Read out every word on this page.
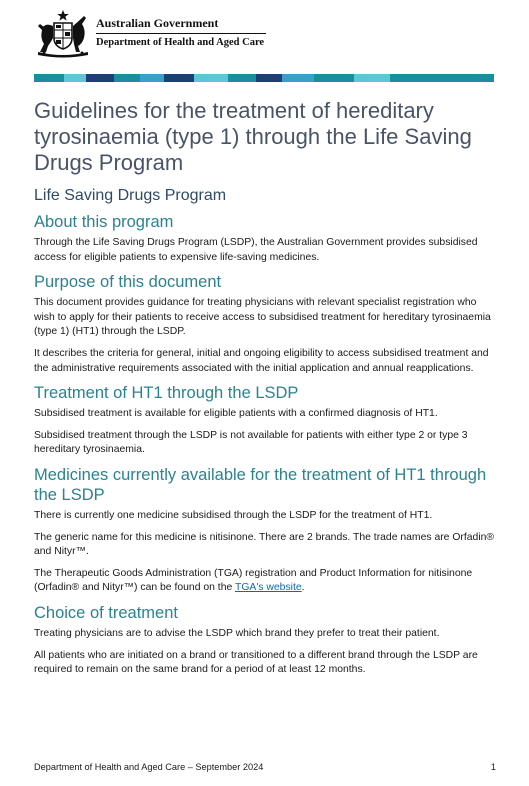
Australian Government
Department of Health and Aged Care
Guidelines for the treatment of hereditary tyrosinaemia (type 1) through the Life Saving Drugs Program
Life Saving Drugs Program
About this program

Through the Life Saving Drugs Program (LSDP), the Australian Government provides subsidised access for eligible patients to expensive life-saving medicines.

Purpose of this document

This document provides guidance for treating physicians with relevant specialist registration who wish to apply for their patients to receive access to subsidised treatment for hereditary tyrosinaemia (type 1) (HT1) through the LSDP.

It describes the criteria for general, initial and ongoing eligibility to access subsidised treatment and the administrative requirements associated with the initial application and annual reapplications.

Treatment of HT1 through the LSDP

Subsidised treatment is available for eligible patients with a confirmed diagnosis of HT1.

Subsidised treatment through the LSDP is not available for patients with either type 2 or type 3 hereditary tyrosinaemia.

Medicines currently available for the treatment of HT1 through the LSDP

There is currently one medicine subsidised through the LSDP for the treatment of HT1.

The generic name for this medicine is nitisinone. There are 2 brands. The trade names are Orfadin® and Nityr™.

The Therapeutic Goods Administration (TGA) registration and Product Information for nitisinone (Orfadin® and Nityr™) can be found on the TGA's website.

Choice of treatment

Treating physicians are to advise the LSDP which brand they prefer to treat their patient.

All patients who are initiated on a brand or transitioned to a different brand through the LSDP are required to remain on the same brand for a period of at least 12 months.

Department of Health and Aged Care – September 2024	1
